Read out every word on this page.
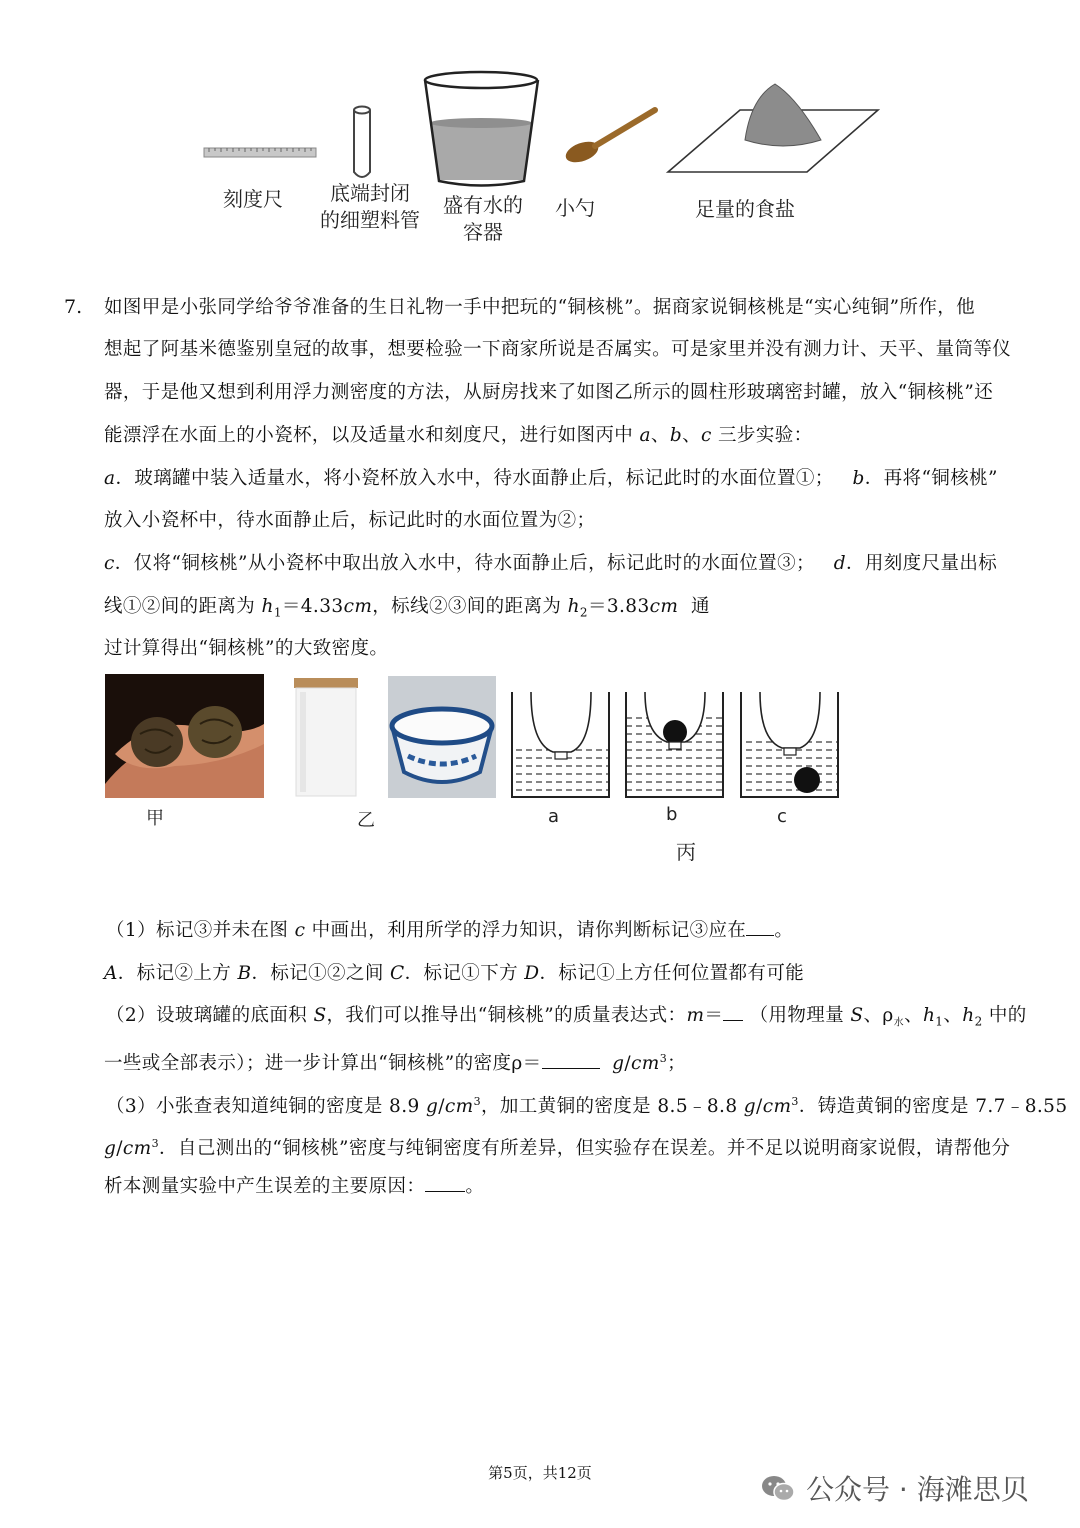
刻度尺	底端封闭
的细塑料管
盛有水的
容器
小勺	足量的食盐
7. 如图甲是小张同学给爷爷准备的生日礼物一手中把玩的“铜核桃”。据商家说铜核桃是“实心纯铜”所作，他
想起了阿基米德鉴别皇冠的故事，想要检验一下商家所说是否属实。可是家里并没有测力计、天平、量筒等仪
器，于是他又想到利用浮力测密度的方法，从厨房找来了如图乙所示的圆柱形玻璃密封罐，放入“铜核桃”还
能漂浮在水面上的小瓷杯，以及适量水和刻度尺，进行如图丙中 a、b、c 三步实验：
a．玻璃罐中装入适量水，将小瓷杯放入水中，待水面静止后，标记此时的水面位置①； b．再将“铜核桃”
放入小瓷杯中，待水面静止后，标记此时的水面位置为②；
c．仅将“铜核桃”从小瓷杯中取出放入水中，待水面静止后，标记此时的水面位置③； d．用刻度尺量出标
线①②间的距离为 $h_1=4.33cm$，标线②③间的距离为 $h_2=3.83cm$ 通
过计算得出“铜核桃”的大致密度。
甲	乙	a	b	c
丙
（1）标记③并未在图 c 中画出，利用所学的浮力知识，请你判断标记③应在 。
A．标记②上方 B．标记①②之间 C．标记①下方 D．标记①上方任何位置都有可能
（2）设玻璃罐的底面积 S，我们可以推导出“铜核桃”的质量表达式：m＝ （用物理量 S、$\rho_水$、$h_1$、$h_2$ 中的
一些或全部表示）；进一步计算出“铜核桃”的密度ρ＝	$g/cm^3$；
（3）小张查表知道纯铜的密度是 8.9 $g/cm^3$，加工黄铜的密度是 8.5﹣8.8 $g/cm^3$．铸造黄铜的密度是 7.7﹣8.55
$g/cm^3$．自己测出的“铜核桃”密度与纯铜密度有所差异，但实验存在误差。并不足以说明商家说假，请帮他分
析本测量实验中产生误差的主要原因： 。
第5页，共12页	公众号 · 海滩思贝
